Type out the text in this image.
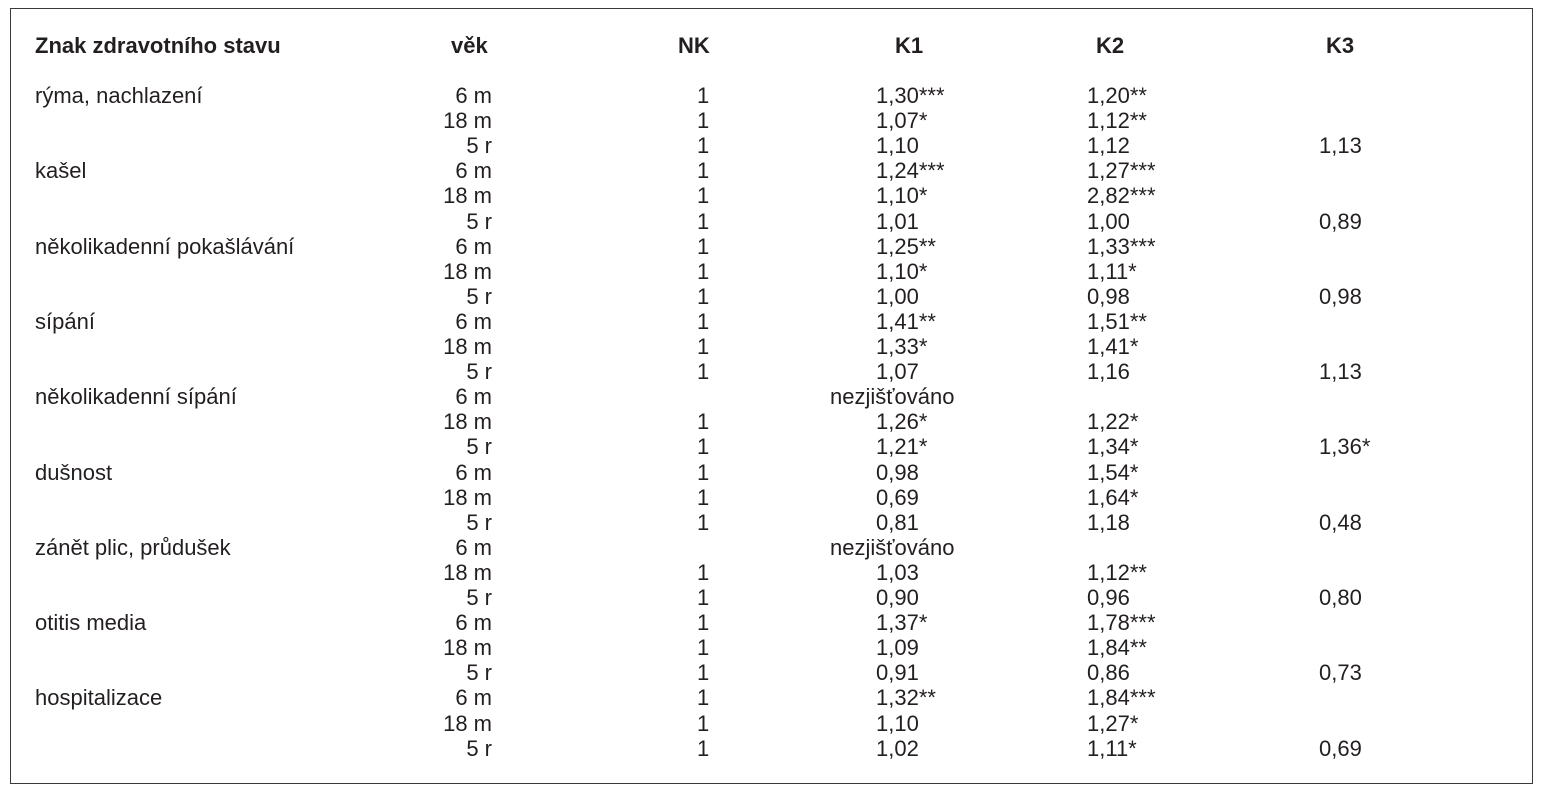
Znak zdravotního stavu	věk	NK	K1	K2	K3
rýma, nachlazení	6 m	1	1,30***	1,20**
18 m	1	1,07*	1,12**
5 r	1	1,10	1,12	1,13
kašel	6 m	1	1,24***	1,27***
18 m	1	1,10*	2,82***
5 r	1	1,01	1,00	0,89
několikadenní pokašlávání	6 m	1	1,25**	1,33***
18 m	1	1,10*	1,11*
5 r	1	1,00	0,98	0,98
sípání	6 m	1	1,41**	1,51**
18 m	1	1,33*	1,41*
5 r	1	1,07	1,16	1,13
několikadenní sípání	6 m	nezjišťováno
18 m	1	1,26*	1,22*
5 r	1	1,21*	1,34*	1,36*
dušnost	6 m	1	0,98	1,54*
18 m	1	0,69	1,64*
5 r	1	0,81	1,18	0,48
zánět plic, průdušek	6 m	nezjišťováno
18 m	1	1,03	1,12**
5 r	1	0,90	0,96	0,80
otitis media	6 m	1	1,37*	1,78***
18 m	1	1,09	1,84**
5 r	1	0,91	0,86	0,73
hospitalizace	6 m	1	1,32**	1,84***
18 m	1	1,10	1,27*
5 r	1	1,02	1,11*	0,69
